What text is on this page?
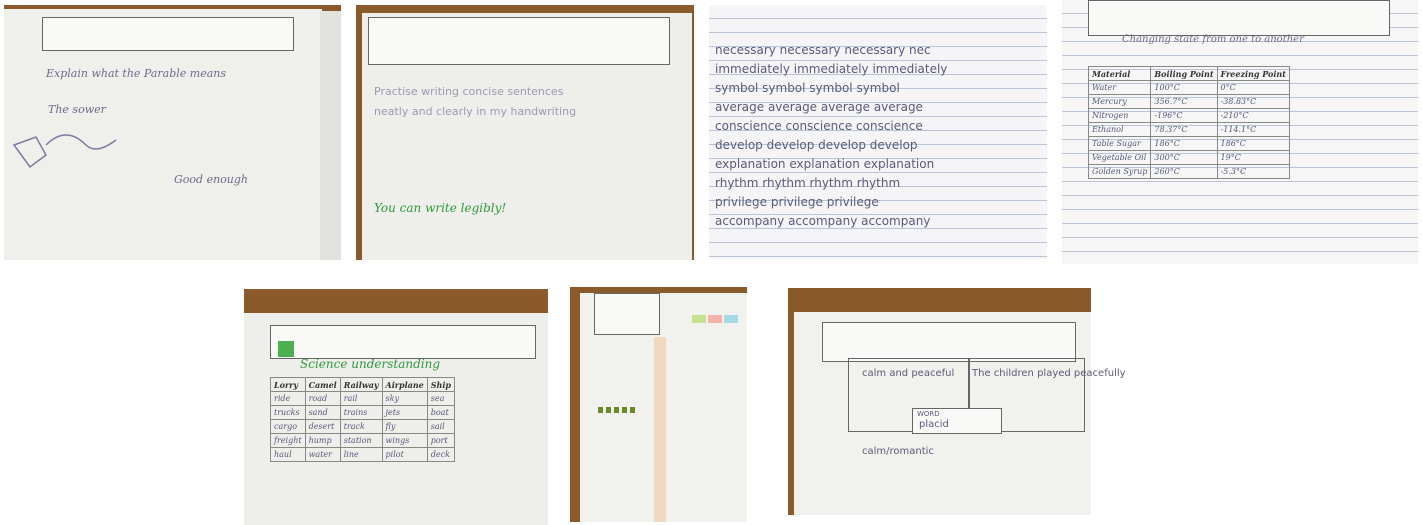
Explain what the Parable means
The sower
Good enough
Practise writing concise sentences
neatly and clearly in my handwriting
You can write legibly!
necessary necessary necessary nec
immediately immediately immediately
symbol symbol symbol symbol
average average average average
conscience conscience conscience
develop develop develop develop
explanation explanation explanation
rhythm rhythm rhythm rhythm
privilege privilege privilege
accompany accompany accompany
Changing state from one to another
Material	Boiling Point	Freezing Point
Water	100°C	0°C
Mercury	356.7°C	-38.83°C
Nitrogen	-196°C	-210°C
Ethanol	78.37°C	-114.1°C
Table Sugar	186°C	186°C
Vegetable Oil	300°C	19°C
Golden Syrup	260°C	-5.3°C
Science understanding
Lorry	Camel	Railway	Airplane	Ship
ride	road	rail	sky	sea
trucks	sand	trains	jets	boat
cargo	desert	track	fly	sail
freight	hump	station	wings	port
haul	water	line	pilot	deck
calm and peaceful The children played peacefully
WORD
placid
calm/romantic
